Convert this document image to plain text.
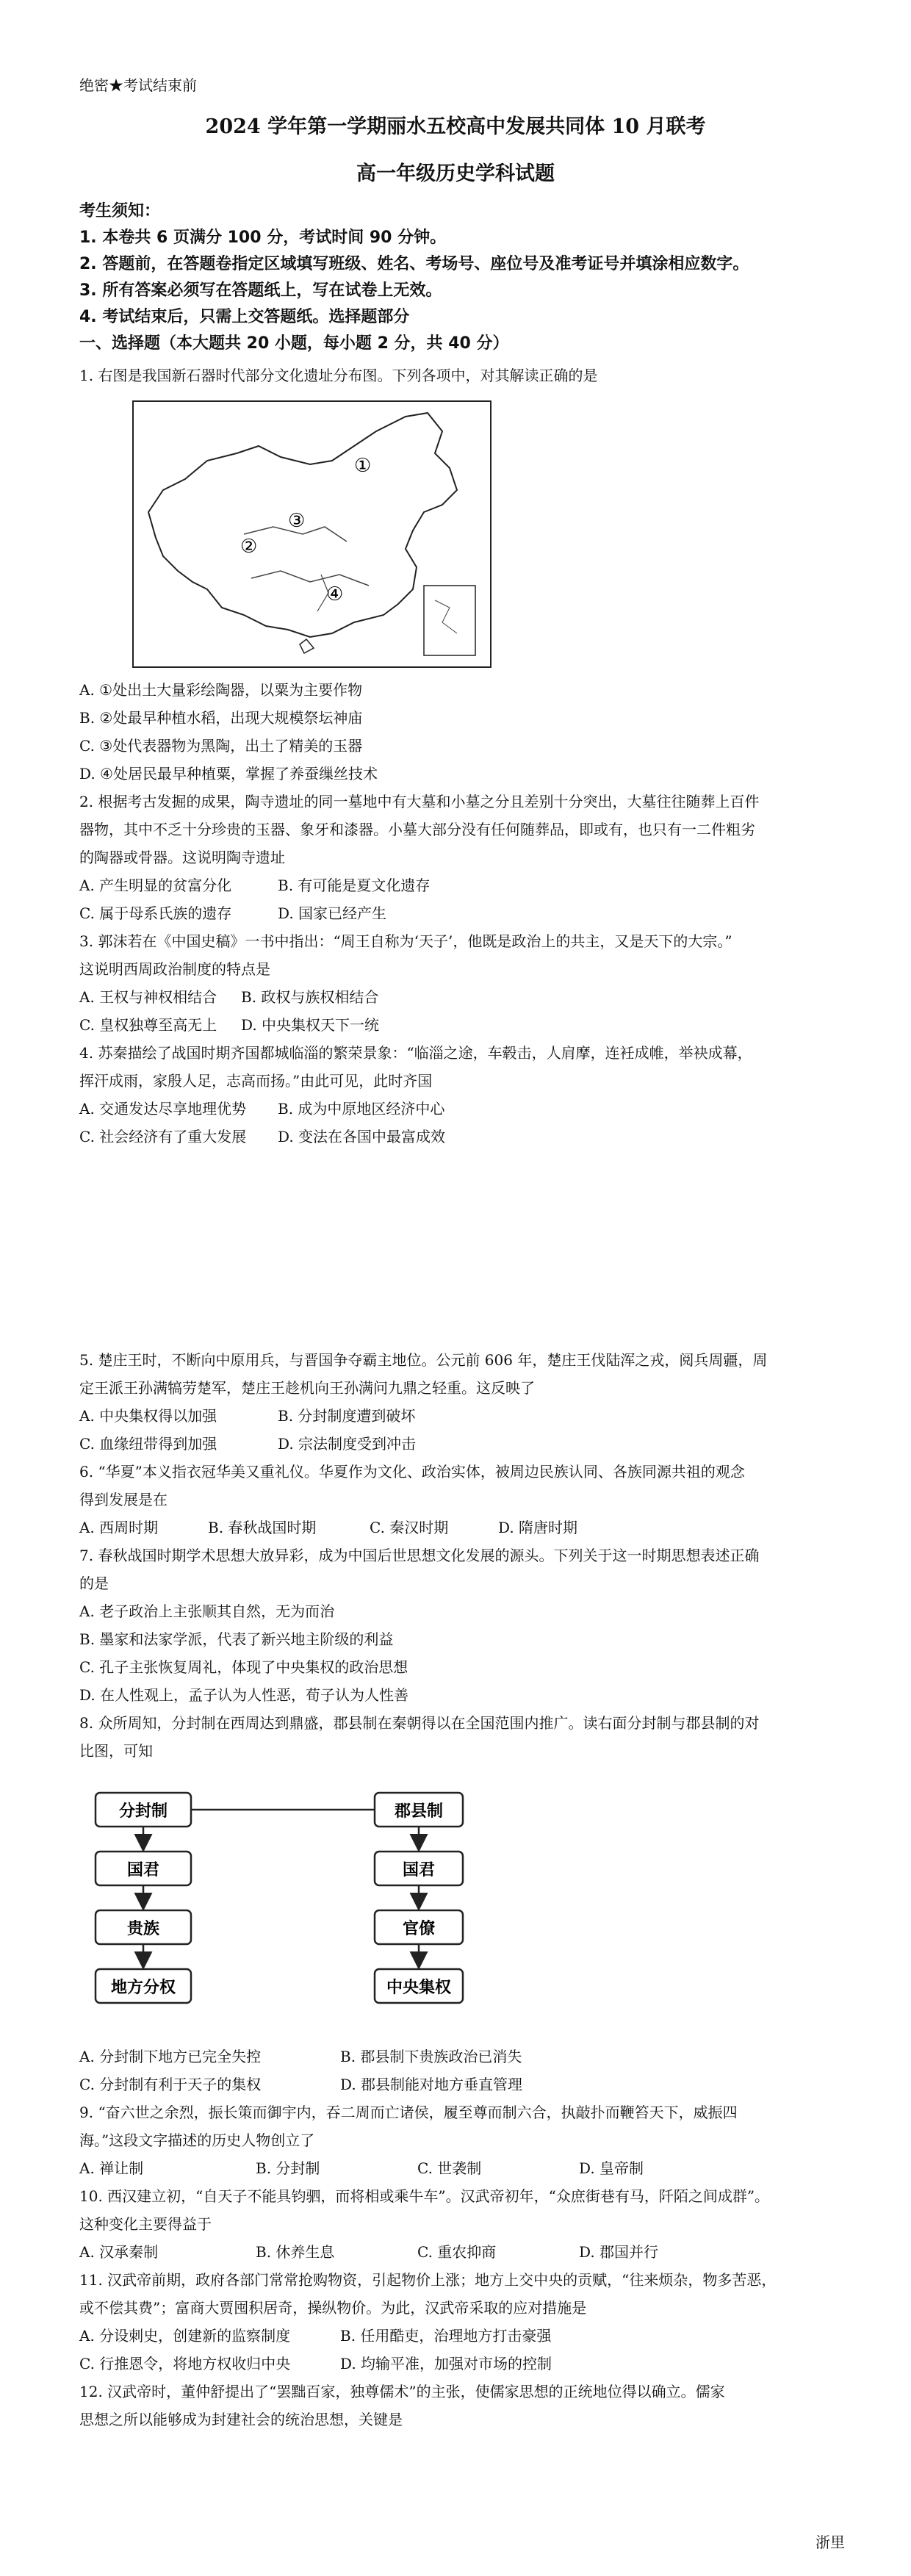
绝密★考试结束前
2024 学年第一学期丽水五校高中发展共同体 10 月联考
高一年级历史学科试题
考生须知：
1. 本卷共 6 页满分 100 分，考试时间 90 分钟。
2. 答题前，在答题卷指定区域填写班级、姓名、考场号、座位号及准考证号并填涂相应数字。
3. 所有答案必须写在答题纸上，写在试卷上无效。
4. 考试结束后，只需上交答题纸。选择题部分
一、选择题（本大题共 20 小题，每小题 2 分，共 40 分）
1. 右图是我国新石器时代部分文化遗址分布图。下列各项中，对其解读正确的是
①
②
③
④
A. ①处出土大量彩绘陶器，以粟为主要作物
B. ②处最早种植水稻，出现大规模祭坛神庙
C. ③处代表器物为黑陶，出土了精美的玉器
D. ④处居民最早种植粟，掌握了养蚕缫丝技术
2. 根据考古发掘的成果，陶寺遗址的同一墓地中有大墓和小墓之分且差别十分突出，大墓往往随葬上百件
器物，其中不乏十分珍贵的玉器、象牙和漆器。小墓大部分没有任何随葬品，即或有，也只有一二件粗劣
的陶器或骨器。这说明陶寺遗址
A. 产生明显的贫富分化	B. 有可能是夏文化遗存
C. 属于母系氏族的遗存	D. 国家已经产生
3. 郭沫若在《中国史稿》一书中指出：“周王自称为‘天子’，他既是政治上的共主，又是天下的大宗。”
这说明西周政治制度的特点是
A. 王权与神权相结合	B. 政权与族权相结合
C. 皇权独尊至高无上	D. 中央集权天下一统
4. 苏秦描绘了战国时期齐国都城临淄的繁荣景象：“临淄之途，车毂击，人肩摩，连衽成帷，举袂成幕，
挥汗成雨，家殷人足，志高而扬。”由此可见，此时齐国
A. 交通发达尽享地理优势	B. 成为中原地区经济中心
C. 社会经济有了重大发展	D. 变法在各国中最富成效
5. 楚庄王时，不断向中原用兵，与晋国争夺霸主地位。公元前 606 年，楚庄王伐陆浑之戎，阅兵周疆，周
定王派王孙满犒劳楚军，楚庄王趁机向王孙满问九鼎之轻重。这反映了
A. 中央集权得以加强	B. 分封制度遭到破坏
C. 血缘纽带得到加强	D. 宗法制度受到冲击
6. “华夏”本义指衣冠华美又重礼仪。华夏作为文化、政治实体，被周边民族认同、各族同源共祖的观念
得到发展是在
A. 西周时期	B. 春秋战国时期	C. 秦汉时期	D. 隋唐时期
7. 春秋战国时期学术思想大放异彩，成为中国后世思想文化发展的源头。下列关于这一时期思想表述正确
的是
A. 老子政治上主张顺其自然，无为而治
B. 墨家和法家学派，代表了新兴地主阶级的利益
C. 孔子主张恢复周礼，体现了中央集权的政治思想
D. 在人性观上，孟子认为人性恶，荀子认为人性善
8. 众所周知，分封制在西周达到鼎盛，郡县制在秦朝得以在全国范围内推广。读右面分封制与郡县制的对
比图，可知
分封制
国君
贵族
地方分权
郡县制
国君
官僚
中央集权
A. 分封制下地方已完全失控	B. 郡县制下贵族政治已消失
C. 分封制有利于天子的集权	D. 郡县制能对地方垂直管理
9. “奋六世之余烈，振长策而御宇内，吞二周而亡诸侯，履至尊而制六合，执敲扑而鞭笞天下，威振四
海。”这段文字描述的历史人物创立了
A. 禅让制	B. 分封制	C. 世袭制	D. 皇帝制
10. 西汉建立初，“自天子不能具钧驷，而将相或乘牛车”。汉武帝初年，“众庶街巷有马，阡陌之间成群”。
这种变化主要得益于
A. 汉承秦制	B. 休养生息	C. 重农抑商	D. 郡国并行
11. 汉武帝前期，政府各部门常常抢购物资，引起物价上涨；地方上交中央的贡赋，“往来烦杂，物多苦恶，
或不偿其费”；富商大贾囤积居奇，操纵物价。为此，汉武帝采取的应对措施是
A. 分设刺史，创建新的监察制度	B. 任用酷吏，治理地方打击豪强
C. 行推恩令，将地方权收归中央	D. 均输平准，加强对市场的控制
12. 汉武帝时，董仲舒提出了“罢黜百家，独尊儒术”的主张，使儒家思想的正统地位得以确立。儒家
思想之所以能够成为封建社会的统治思想，关键是
浙里
